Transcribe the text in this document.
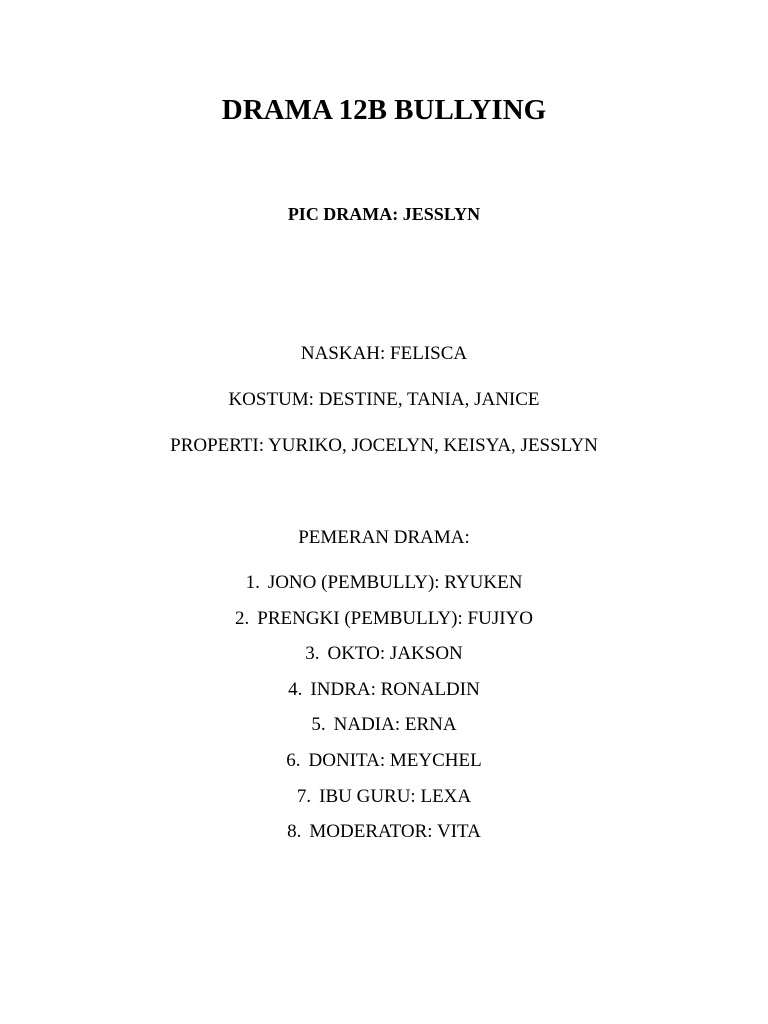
DRAMA 12B BULLYING
PIC DRAMA: JESSLYN
NASKAH: FELISCA
KOSTUM: DESTINE, TANIA, JANICE
PROPERTI: YURIKO, JOCELYN, KEISYA, JESSLYN
PEMERAN DRAMA:
1. JONO (PEMBULLY): RYUKEN
2. PRENGKI (PEMBULLY): FUJIYO
3. OKTO: JAKSON
4. INDRA: RONALDIN
5. NADIA: ERNA
6. DONITA: MEYCHEL
7. IBU GURU: LEXA
8. MODERATOR: VITA
